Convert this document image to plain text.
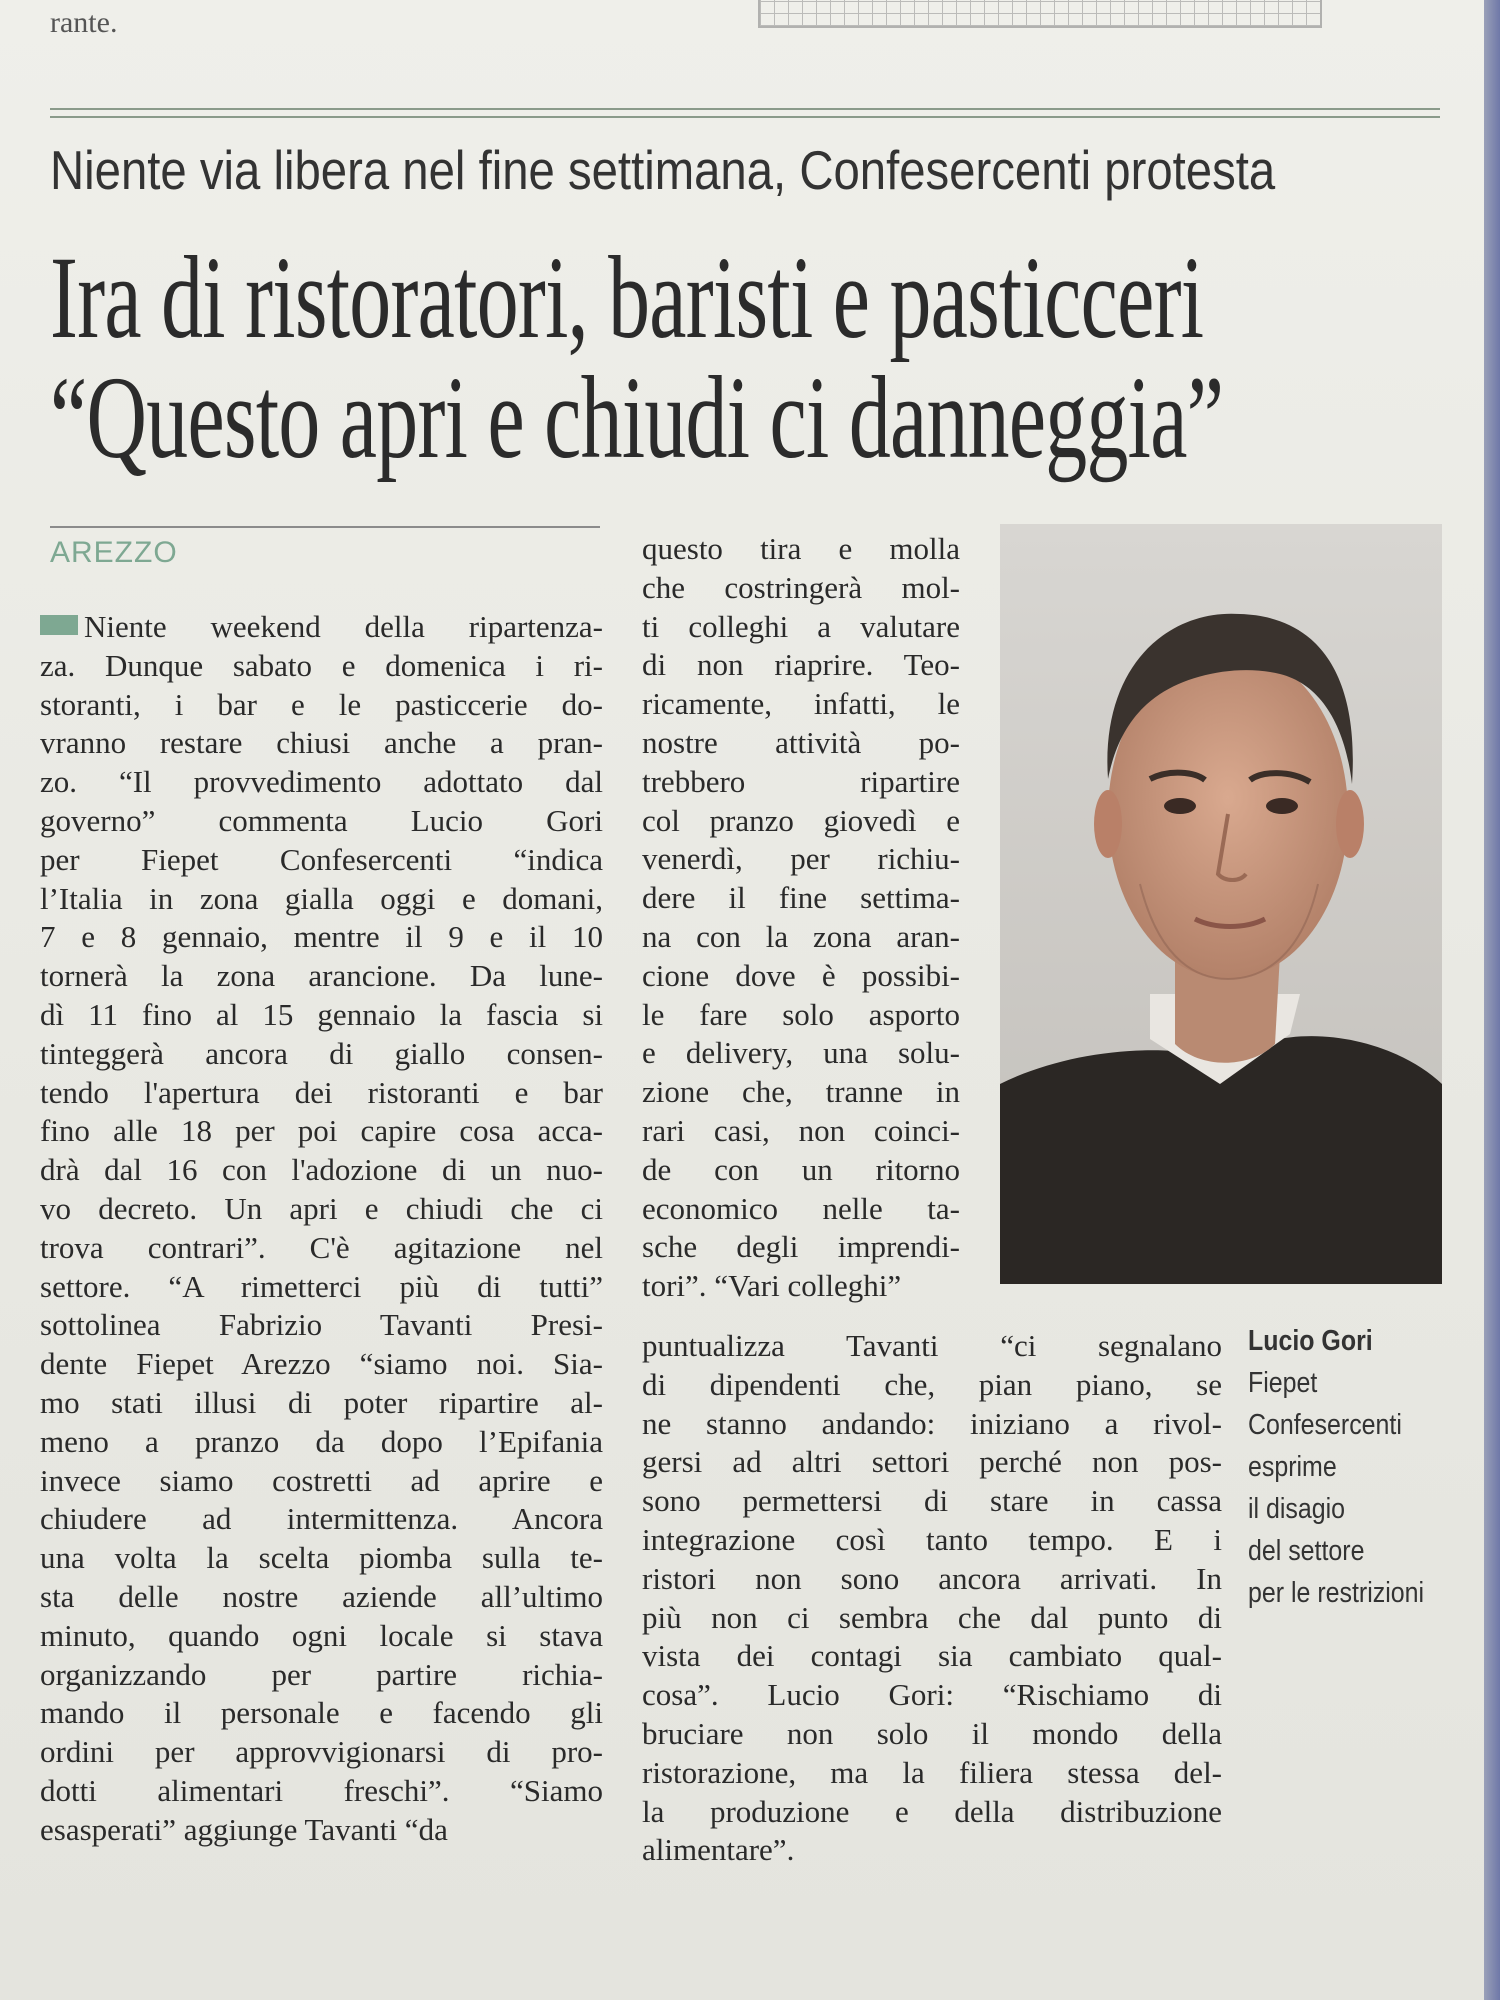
rante.
Niente via libera nel fine settimana, Confesercenti protesta
Ira di ristoratori, baristi e pasticceri
“Questo apri e chiudi ci danneggia”
AREZZO
Niente weekend della ripartenza-
za. Dunque sabato e domenica i ri-
storanti, i bar e le pasticcerie do-
vranno restare chiusi anche a pran-
zo. “Il provvedimento adottato dal
governo” commenta Lucio Gori
per Fiepet Confesercenti “indica
l’Italia in zona gialla oggi e domani,
7 e 8 gennaio, mentre il 9 e il 10
tornerà la zona arancione. Da lune-
dì 11 fino al 15 gennaio la fascia si
tinteggerà ancora di giallo consen-
tendo l'apertura dei ristoranti e bar
fino alle 18 per poi capire cosa acca-
drà dal 16 con l'adozione di un nuo-
vo decreto. Un apri e chiudi che ci
trova contrari”. C'è agitazione nel
settore. “A rimetterci più di tutti”
sottolinea Fabrizio Tavanti Presi-
dente Fiepet Arezzo “siamo noi. Sia-
mo stati illusi di poter ripartire al-
meno a pranzo da dopo l’Epifania
invece siamo costretti ad aprire e
chiudere ad intermittenza. Ancora
una volta la scelta piomba sulla te-
sta delle nostre aziende all’ultimo
minuto, quando ogni locale si stava
organizzando per partire richia-
mando il personale e facendo gli
ordini per approvvigionarsi di pro-
dotti alimentari freschi”. “Siamo
esasperati” aggiunge Tavanti “da
questo tira e molla
che costringerà mol-
ti colleghi a valutare
di non riaprire. Teo-
ricamente, infatti, le
nostre attività po-
trebbero ripartire
col pranzo giovedì e
venerdì, per richiu-
dere il fine settima-
na con la zona aran-
cione dove è possibi-
le fare solo asporto
e delivery, una solu-
zione che, tranne in
rari casi, non coinci-
de con un ritorno
economico nelle ta-
sche degli imprendi-
tori”. “Vari colleghi”
puntualizza Tavanti “ci segnalano
di dipendenti che, pian piano, se
ne stanno andando: iniziano a rivol-
gersi ad altri settori perché non pos-
sono permettersi di stare in cassa
integrazione così tanto tempo. E i
ristori non sono ancora arrivati. In
più non ci sembra che dal punto di
vista dei contagi sia cambiato qual-
cosa”. Lucio Gori: “Rischiamo di
bruciare non solo il mondo della
ristorazione, ma la filiera stessa del-
la produzione e della distribuzione
alimentare”.
Lucio Gori
Fiepet
Confesercenti
esprime
il disagio
del settore
per le restrizioni
